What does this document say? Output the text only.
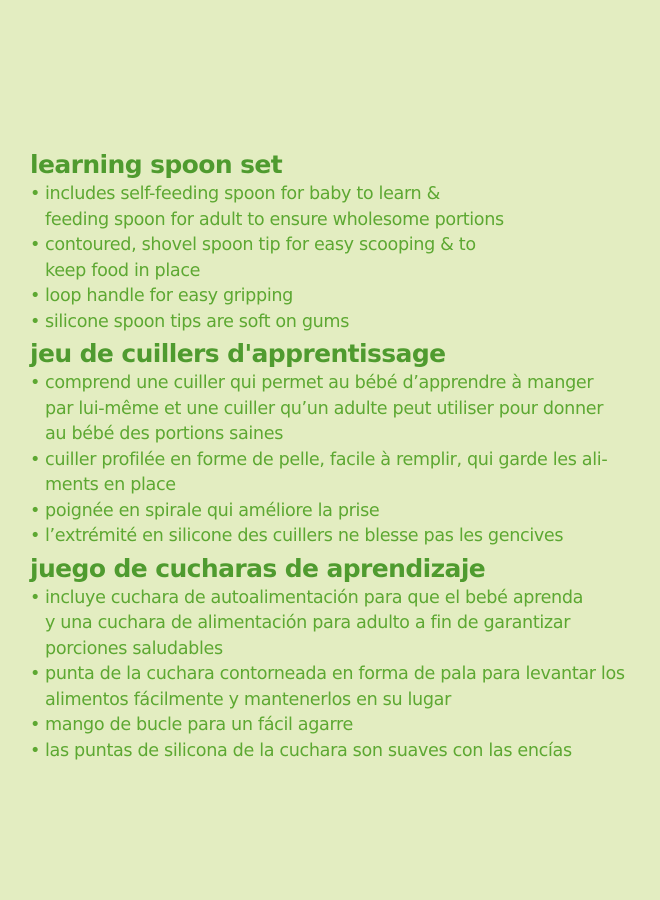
learning spoon set
• includes self-feeding spoon for baby to learn &
feeding spoon for adult to ensure wholesome portions
• contoured, shovel spoon tip for easy scooping & to
keep food in place
• loop handle for easy gripping
• silicone spoon tips are soft on gums
jeu de cuillers d'apprentissage
• comprend une cuiller qui permet au bébé d’apprendre à manger
par lui-même et une cuiller qu’un adulte peut utiliser pour donner
au bébé des portions saines
• cuiller profilée en forme de pelle, facile à remplir, qui garde les ali-
ments en place
• poignée en spirale qui améliore la prise
• l’extrémité en silicone des cuillers ne blesse pas les gencives
juego de cucharas de aprendizaje
• incluye cuchara de autoalimentación para que el bebé aprenda
y una cuchara de alimentación para adulto a fin de garantizar
porciones saludables
• punta de la cuchara contorneada en forma de pala para levantar los
alimentos fácilmente y mantenerlos en su lugar
• mango de bucle para un fácil agarre
• las puntas de silicona de la cuchara son suaves con las encías
